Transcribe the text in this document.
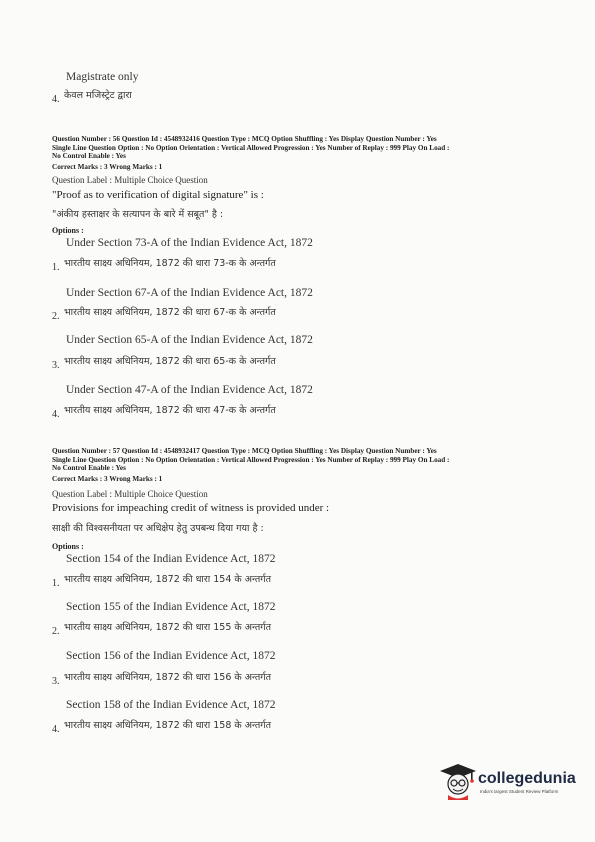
Magistrate only
4. केवल मजिस्ट्रेट द्वारा
Question Number : 56 Question Id : 4548932416 Question Type : MCQ Option Shuffling : Yes Display Question Number : Yes
Single Line Question Option : No Option Orientation : Vertical Allowed Progression : Yes Number of Replay : 999 Play On Load :
No Control Enable : Yes
Correct Marks : 3 Wrong Marks : 1
Question Label : Multiple Choice Question
"Proof as to verification of digital signature" is :
"अंकीय हस्ताक्षर के सत्यापन के बारे में सबूत" है :
Options :
Under Section 73-A of the Indian Evidence Act, 1872
1. भारतीय साक्ष्य अधिनियम, 1872 की धारा 73-क के अन्तर्गत
Under Section 67-A of the Indian Evidence Act, 1872
2. भारतीय साक्ष्य अधिनियम, 1872 की धारा 67-क के अन्तर्गत
Under Section 65-A of the Indian Evidence Act, 1872
3. भारतीय साक्ष्य अधिनियम, 1872 की धारा 65-क के अन्तर्गत
Under Section 47-A of the Indian Evidence Act, 1872
4. भारतीय साक्ष्य अधिनियम, 1872 की धारा 47-क के अन्तर्गत
Question Number : 57 Question Id : 4548932417 Question Type : MCQ Option Shuffling : Yes Display Question Number : Yes
Single Line Question Option : No Option Orientation : Vertical Allowed Progression : Yes Number of Replay : 999 Play On Load :
No Control Enable : Yes
Correct Marks : 3 Wrong Marks : 1
Question Label : Multiple Choice Question
Provisions for impeaching credit of witness is provided under :
साक्षी की विश्वसनीयता पर अधिक्षेप हेतु उपबन्ध दिया गया है :
Options :
Section 154 of the Indian Evidence Act, 1872
1. भारतीय साक्ष्य अधिनियम, 1872 की धारा 154 के अन्तर्गत
Section 155 of the Indian Evidence Act, 1872
2. भारतीय साक्ष्य अधिनियम, 1872 की धारा 155 के अन्तर्गत
Section 156 of the Indian Evidence Act, 1872
3. भारतीय साक्ष्य अधिनियम, 1872 की धारा 156 के अन्तर्गत
Section 158 of the Indian Evidence Act, 1872
4. भारतीय साक्ष्य अधिनियम, 1872 की धारा 158 के अन्तर्गत
collegedunia
India's largest Student Review Platform
